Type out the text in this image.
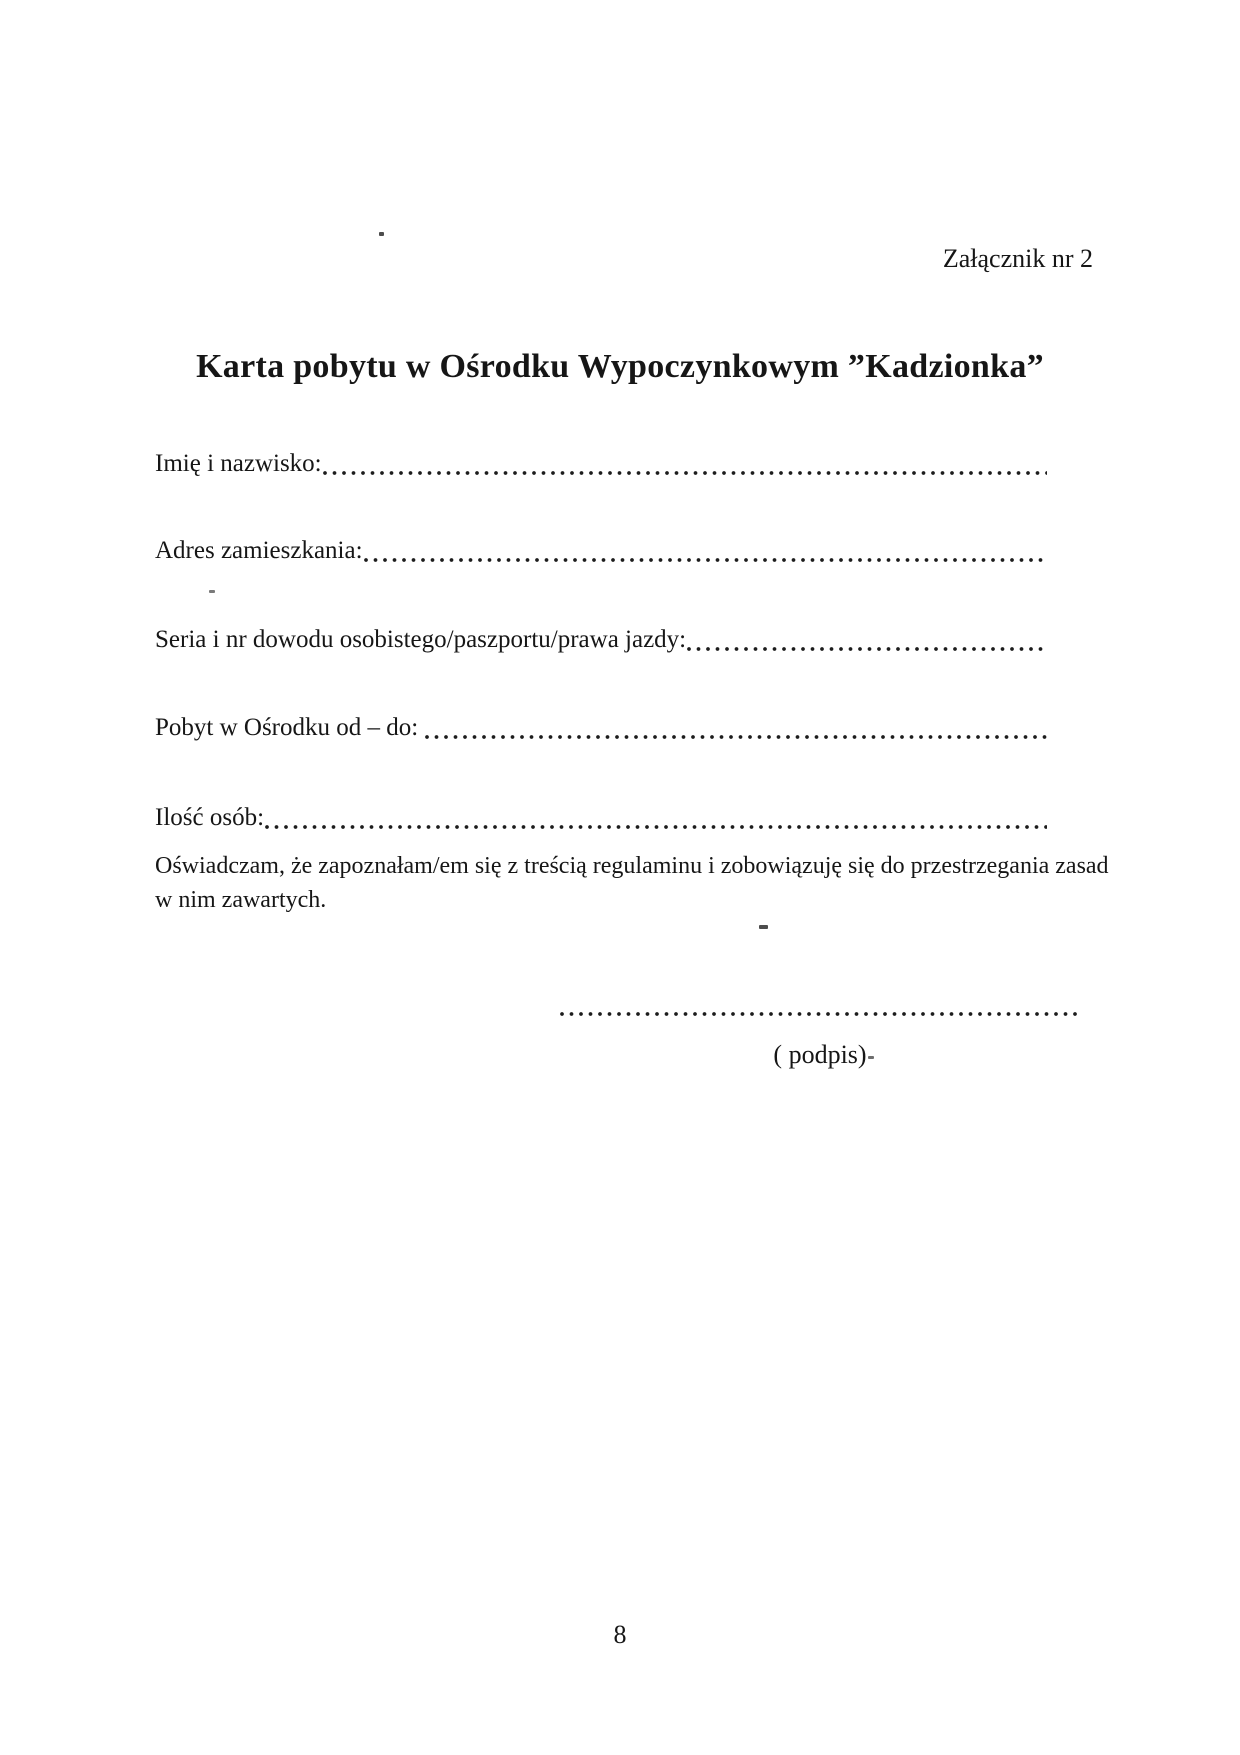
Załącznik nr 2
Karta pobytu w Ośrodku Wypoczynkowym ”Kadzionka”
Imię i nazwisko:
Adres zamieszkania:
Seria i nr dowodu osobistego/paszportu/prawa jazdy:
Pobyt w Ośrodku od – do:
Ilość osób:
Oświadczam, że zapoznałam/em się z treścią regulaminu i zobowiązuję się do przestrzegania zasad
w nim zawartych.
( podpis)
8
